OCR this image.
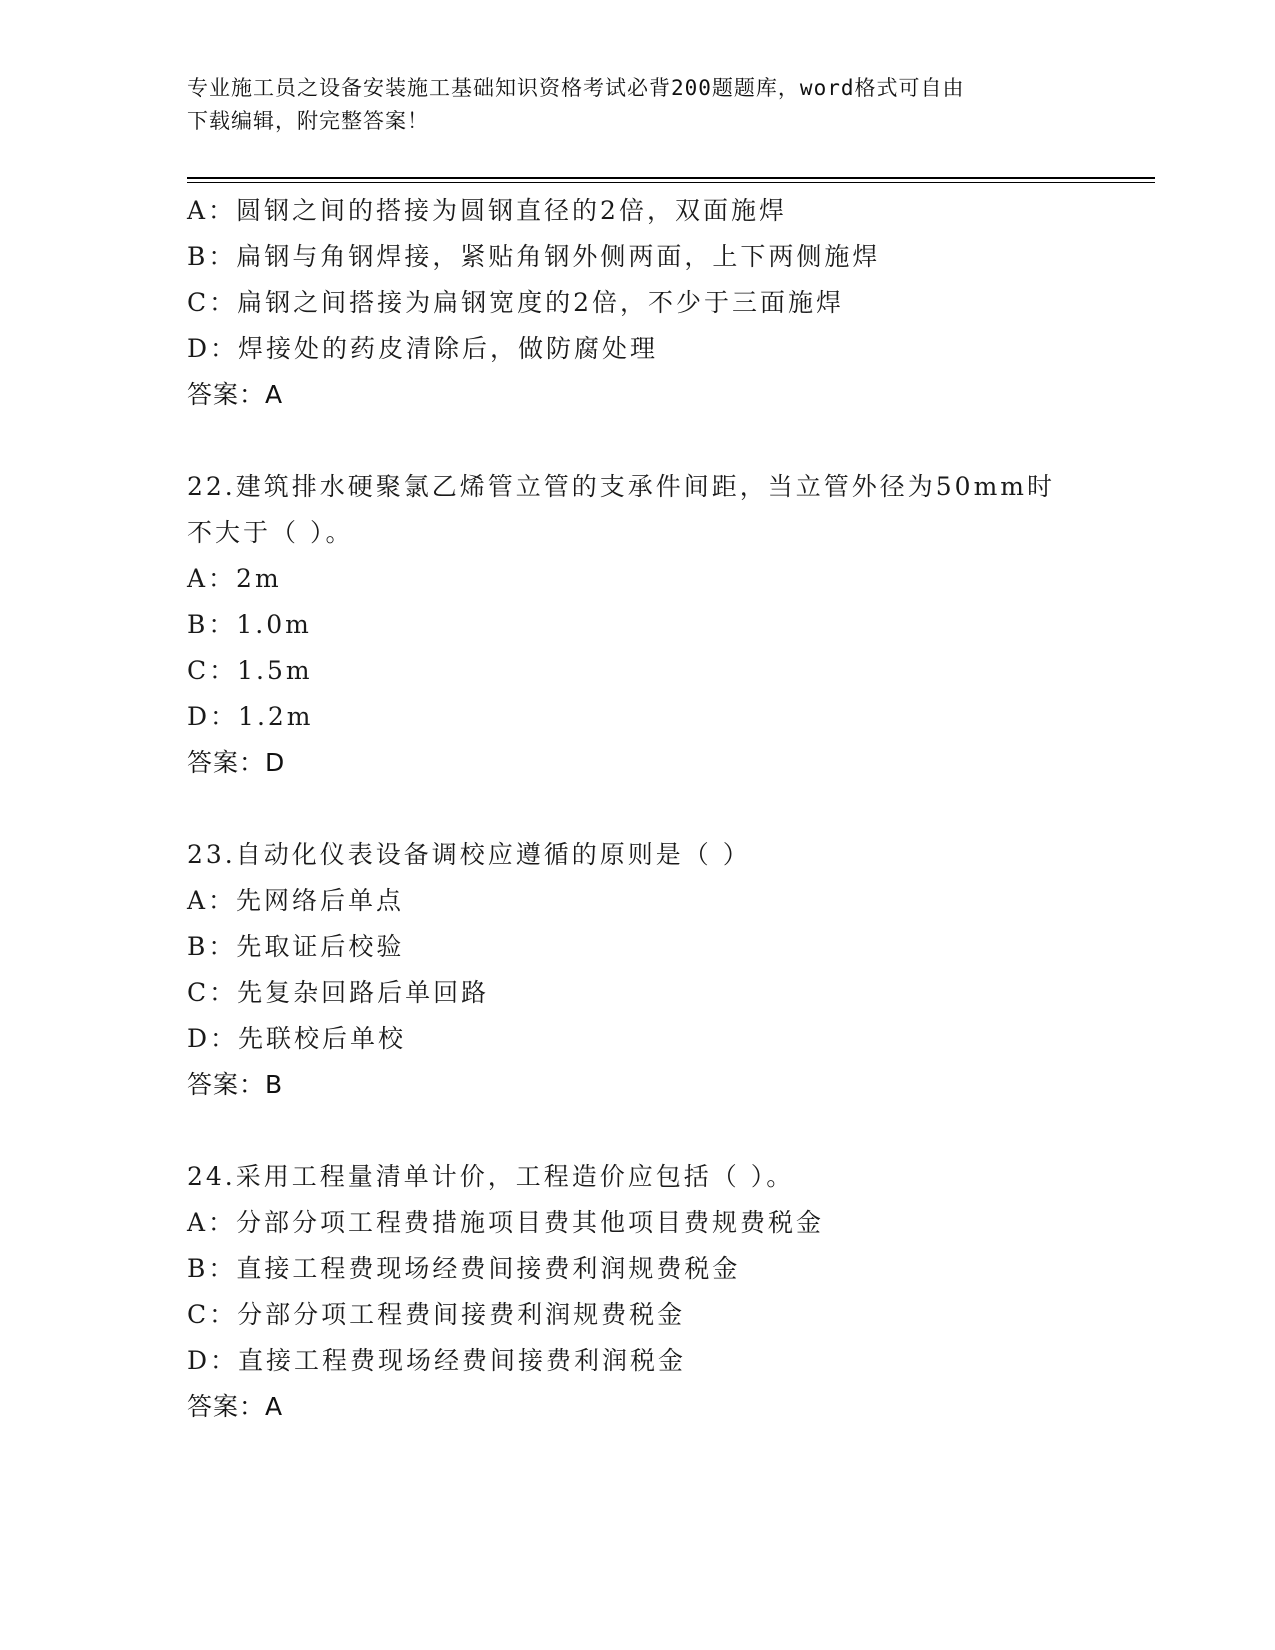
专业施工员之设备安装施工基础知识资格考试必背200题题库，word格式可自由
下载编辑，附完整答案！
A：圆钢之间的搭接为圆钢直径的2倍，双面施焊
B：扁钢与角钢焊接，紧贴角钢外侧两面，上下两侧施焊
C：扁钢之间搭接为扁钢宽度的2倍，不少于三面施焊
D：焊接处的药皮清除后，做防腐处理
答案：A
22.建筑排水硬聚氯乙烯管立管的支承件间距，当立管外径为50mm时
不大于（ ）。
A：2m
B：1.0m
C：1.5m
D：1.2m
答案：D
23.自动化仪表设备调校应遵循的原则是（ ）
A：先网络后单点
B：先取证后校验
C：先复杂回路后单回路
D：先联校后单校
答案：B
24.采用工程量清单计价，工程造价应包括（ ）。
A：分部分项工程费措施项目费其他项目费规费税金
B：直接工程费现场经费间接费利润规费税金
C：分部分项工程费间接费利润规费税金
D：直接工程费现场经费间接费利润税金
答案：A
